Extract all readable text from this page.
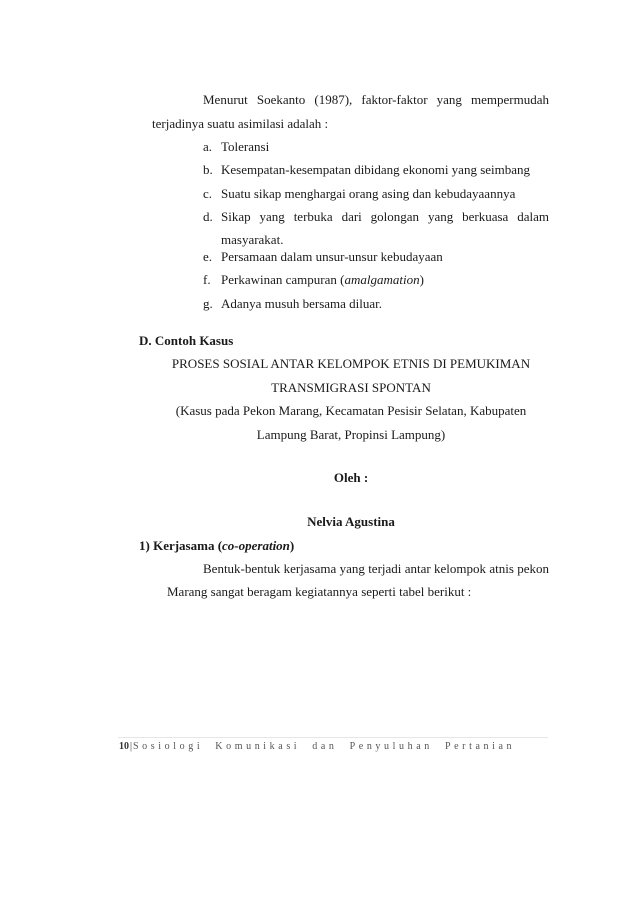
Menurut Soekanto (1987), faktor-faktor yang mempermudah
terjadinya suatu asimilasi adalah :
a. Toleransi
b. Kesempatan-kesempatan dibidang ekonomi yang seimbang
c. Suatu sikap menghargai orang asing dan kebudayaannya
d. Sikap yang terbuka dari golongan yang berkuasa dalam
masyarakat.
e. Persamaan dalam unsur-unsur kebudayaan
f. Perkawinan campuran (amalgamation)
g. Adanya musuh bersama diluar.
D. Contoh Kasus
PROSES SOSIAL ANTAR KELOMPOK ETNIS DI PEMUKIMAN
TRANSMIGRASI SPONTAN
(Kasus pada Pekon Marang, Kecamatan Pesisir Selatan, Kabupaten
Lampung Barat, Propinsi Lampung)
Oleh :
Nelvia Agustina
1) Kerjasama (co-operation)
Bentuk-bentuk kerjasama yang terjadi antar kelompok atnis pekon
Marang sangat beragam kegiatannya seperti tabel berikut :
10|Sosiologi Komunikasi dan Penyuluhan Pertanian
